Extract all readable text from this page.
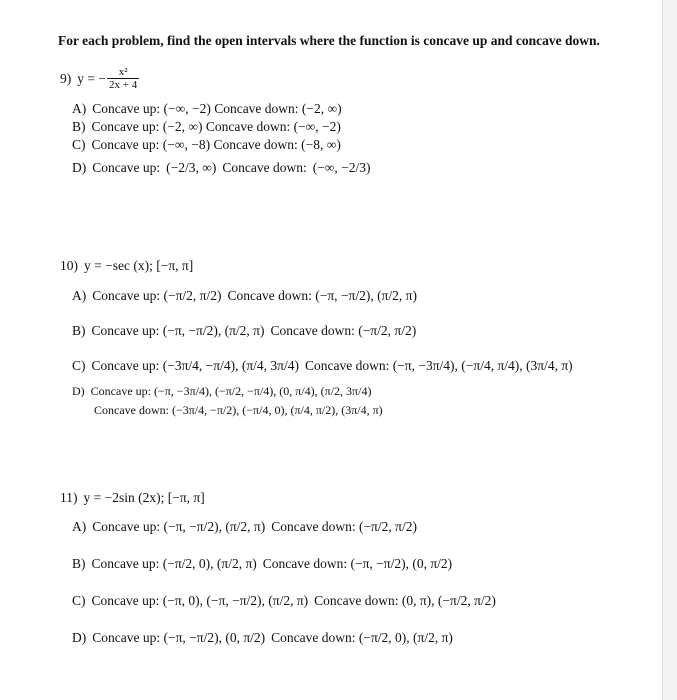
For each problem, find the open intervals where the function is concave up and concave down.
9) y = − $\frac{\text{x²}}{2x + 4}$
A) Concave up: (−∞, −2) Concave down: (−2, ∞)
B) Concave up: (−2, ∞) Concave down: (−∞, −2)
C) Concave up: (−∞, −8) Concave down: (−8, ∞)
D) Concave up: (−2/3, ∞) Concave down: (−∞, −2/3)
10) y = −sec (x); [−π, π]
A) Concave up: (−π/2, π/2) Concave down: (−π, −π/2), (π/2, π)
B) Concave up: (−π, −π/2), (π/2, π) Concave down: (−π/2, π/2)
C) Concave up: (−3π/4, −π/4), (π/4, 3π/4) Concave down: (−π, −3π/4), (−π/4, π/4), (3π/4, π)
D) Concave up: (−π, −3π/4), (−π/2, −π/4), (0, π/4), (π/2, 3π/4)
Concave down: (−3π/4, −π/2), (−π/4, 0), (π/4, π/2), (3π/4, π)
11) y = −2sin (2x); [−π, π]
A) Concave up: (−π, −π/2), (π/2, π) Concave down: (−π/2, π/2)
B) Concave up: (−π/2, 0), (π/2, π) Concave down: (−π, −π/2), (0, π/2)
C) Concave up: (−π, 0), (−π, −π/2), (π/2, π) Concave down: (0, π), (−π/2, π/2)
D) Concave up: (−π, −π/2), (0, π/2) Concave down: (−π/2, 0), (π/2, π)
